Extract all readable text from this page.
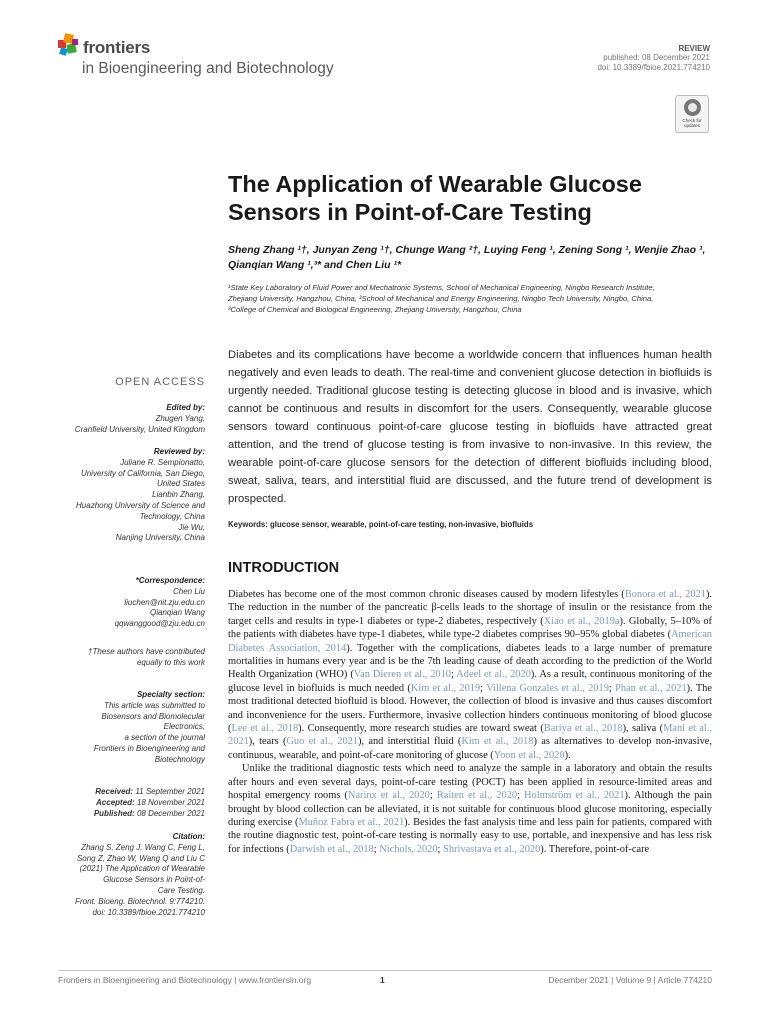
frontiers
in Bioengineering and Biotechnology
REVIEW
published: 08 December 2021
doi: 10.3389/fbioe.2021.774210
Check for updates
The Application of Wearable Glucose Sensors in Point-of-Care Testing
Sheng Zhang ¹†, Junyan Zeng ¹†, Chunge Wang ²†, Luying Feng ¹, Zening Song ¹, Wenjie Zhao ¹,
Qianqian Wang ¹,³* and Chen Liu ¹*
¹State Key Laboratory of Fluid Power and Mechatronic Systems, School of Mechanical Engineering, Ningbo Research Institute,
Zhejiang University, Hangzhou, China, ²School of Mechanical and Energy Engineering, Ningbo Tech University, Ningbo, China,
³College of Chemical and Biological Engineering, Zhejiang University, Hangzhou, China
Diabetes and its complications have become a worldwide concern that influences human health negatively and even leads to death. The real-time and convenient glucose detection in biofluids is urgently needed. Traditional glucose testing is detecting glucose in blood and is invasive, which cannot be continuous and results in discomfort for the users. Consequently, wearable glucose sensors toward continuous point-of-care glucose testing in biofluids have attracted great attention, and the trend of glucose testing is from invasive to non-invasive. In this review, the wearable point-of-care glucose sensors for the detection of different biofluids including blood, sweat, saliva, tears, and interstitial fluid are discussed, and the future trend of development is prospected.
Keywords: glucose sensor, wearable, point-of-care testing, non-invasive, biofluids
INTRODUCTION

Diabetes has become one of the most common chronic diseases caused by modern lifestyles (Bonora et al., 2021). The reduction in the number of the pancreatic β-cells leads to the shortage of insulin or the resistance from the target cells and results in type-1 diabetes or type-2 diabetes, respectively (Xiao et al., 2019a). Globally, 5–10% of the patients with diabetes have type-1 diabetes, while type-2 diabetes comprises 90–95% global diabetes (American Diabetes Association, 2014). Together with the complications, diabetes leads to a large number of premature mortalities in humans every year and is be the 7th leading cause of death according to the prediction of the World Health Organization (WHO) (Van Dieren et al., 2010; Adeel et al., 2020). As a result, continuous monitoring of the glucose level in biofluids is much needed (Kim et al., 2019; Villena Gonzales et al., 2019; Phan et al., 2021). The most traditional detected biofluid is blood. However, the collection of blood is invasive and thus causes discomfort and inconvenience for the users. Furthermore, invasive collection hinders continuous monitoring of blood glucose (Lee et al., 2018). Consequently, more research studies are toward sweat (Bariya et al., 2018), saliva (Mani et al., 2021), tears (Guo et al., 2021), and interstitial fluid (Kim et al., 2018) as alternatives to develop non-invasive, continuous, wearable, and point-of-care monitoring of glucose (Yoon et al., 2020).

Unlike the traditional diagnostic tests which need to analyze the sample in a laboratory and obtain the results after hours and even several days, point-of-care testing (POCT) has been applied in resource-limited areas and hospital emergency rooms (Narinx et al., 2020; Raiten et al., 2020; Holmström et al., 2021). Although the pain brought by blood collection can be alleviated, it is not suitable for continuous blood glucose monitoring, especially during exercise (Muñoz Fabra et al., 2021). Besides the fast analysis time and less pain for patients, compared with the routine diagnostic test, point-of-care testing is normally easy to use, portable, and inexpensive and has less risk for infections (Darwish et al., 2018; Nichols, 2020; Shrivastava et al., 2020). Therefore, point-of-care

OPEN ACCESS
Edited by:
Zhugen Yang,
Cranfield University, United Kingdom
Reviewed by:
Juliane R. Sempionatto,
University of California, San Diego,
United States
Lianbin Zhang,
Huazhong University of Science and
Technology, China
Jie Wu,
Nanjing University, China
*Correspondence:
Chen Liu
liuchen@nit.zju.edu.cn
Qianqian Wang
qqwanggood@zju.edu.cn
†These authors have contributed
equally to this work
Specialty section:
This article was submitted to
Biosensors and Biomolecular
Electronics,
a section of the journal
Frontiers in Bioengineering and
Biotechnology
Received: 11 September 2021
Accepted: 18 November 2021
Published: 08 December 2021
Citation:
Zhang S, Zeng J, Wang C, Feng L,
Song Z, Zhao W, Wang Q and Liu C
(2021) The Application of Wearable
Glucose Sensors in Point-of-
Care Testing.
Front. Bioeng. Biotechnol. 9:774210.
doi: 10.3389/fbioe.2021.774210
Frontiers in Bioengineering and Biotechnology | www.frontiersin.org	1	December 2021 | Volume 9 | Article 774210
